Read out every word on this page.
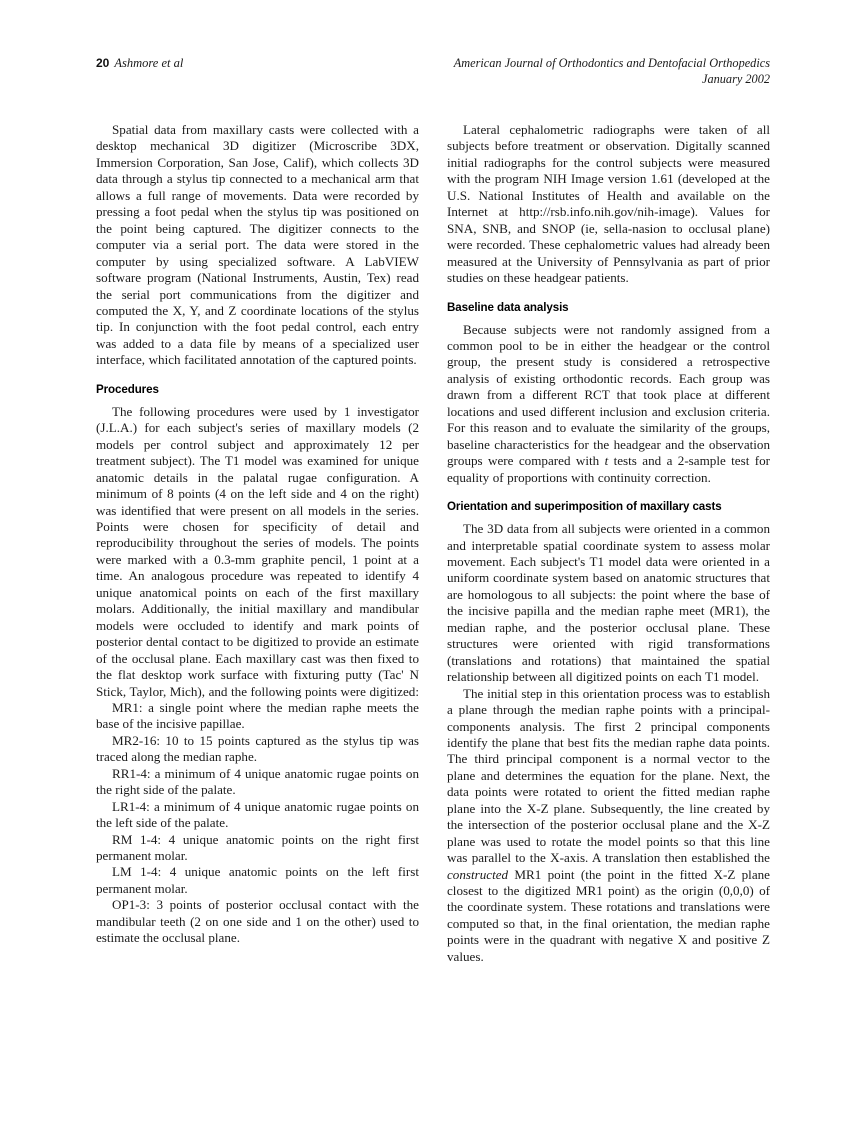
20 Ashmore et al	American Journal of Orthodontics and Dentofacial Orthopedics
January 2002

Spatial data from maxillary casts were collected with a desktop mechanical 3D digitizer (Microscribe 3DX, Immersion Corporation, San Jose, Calif), which collects 3D data through a stylus tip connected to a mechanical arm that allows a full range of movements. Data were recorded by pressing a foot pedal when the stylus tip was positioned on the point being captured. The digitizer connects to the computer via a serial port. The data were stored in the computer by using specialized software. A LabVIEW software program (National Instruments, Austin, Tex) read the serial port communications from the digitizer and computed the X, Y, and Z coordinate locations of the stylus tip. In conjunction with the foot pedal control, each entry was added to a data file by means of a specialized user interface, which facilitated annotation of the captured points.

Procedures

The following procedures were used by 1 investigator (J.L.A.) for each subject's series of maxillary models (2 models per control subject and approximately 12 per treatment subject). The T1 model was examined for unique anatomic details in the palatal rugae configuration. A minimum of 8 points (4 on the left side and 4 on the right) was identified that were present on all models in the series. Points were chosen for specificity of detail and reproducibility throughout the series of models. The points were marked with a 0.3-mm graphite pencil, 1 point at a time. An analogous procedure was repeated to identify 4 unique anatomical points on each of the first maxillary molars. Additionally, the initial maxillary and mandibular models were occluded to identify and mark points of posterior dental contact to be digitized to provide an estimate of the occlusal plane. Each maxillary cast was then fixed to the flat desktop work surface with fixturing putty (Tac' N Stick, Taylor, Mich), and the following points were digitized:

MR1: a single point where the median raphe meets the base of the incisive papillae.

MR2-16: 10 to 15 points captured as the stylus tip was traced along the median raphe.

RR1-4: a minimum of 4 unique anatomic rugae points on the right side of the palate.

LR1-4: a minimum of 4 unique anatomic rugae points on the left side of the palate.

RM 1-4: 4 unique anatomic points on the right first permanent molar.

LM 1-4: 4 unique anatomic points on the left first permanent molar.

OP1-3: 3 points of posterior occlusal contact with the mandibular teeth (2 on one side and 1 on the other) used to estimate the occlusal plane.

Lateral cephalometric radiographs were taken of all subjects before treatment or observation. Digitally scanned initial radiographs for the control subjects were measured with the program NIH Image version 1.61 (developed at the U.S. National Institutes of Health and available on the Internet at http://rsb.info.nih.gov/nih-image). Values for SNA, SNB, and SNOP (ie, sella-nasion to occlusal plane) were recorded. These cephalometric values had already been measured at the University of Pennsylvania as part of prior studies on these headgear patients.

Baseline data analysis

Because subjects were not randomly assigned from a common pool to be in either the headgear or the control group, the present study is considered a retrospective analysis of existing orthodontic records. Each group was drawn from a different RCT that took place at different locations and used different inclusion and exclusion criteria. For this reason and to evaluate the similarity of the groups, baseline characteristics for the headgear and the observation groups were compared with t tests and a 2-sample test for equality of proportions with continuity correction.

Orientation and superimposition of maxillary casts

The 3D data from all subjects were oriented in a common and interpretable spatial coordinate system to assess molar movement. Each subject's T1 model data were oriented in a uniform coordinate system based on anatomic structures that are homologous to all subjects: the point where the base of the incisive papilla and the median raphe meet (MR1), the median raphe, and the posterior occlusal plane. These structures were oriented with rigid transformations (translations and rotations) that maintained the spatial relationship between all digitized points on each T1 model.

The initial step in this orientation process was to establish a plane through the median raphe points with a principal-components analysis. The first 2 principal components identify the plane that best fits the median raphe data points. The third principal component is a normal vector to the plane and determines the equation for the plane. Next, the data points were rotated to orient the fitted median raphe plane into the X-Z plane. Subsequently, the line created by the intersection of the posterior occlusal plane and the X-Z plane was used to rotate the model points so that this line was parallel to the X-axis. A translation then established the constructed MR1 point (the point in the fitted X-Z plane closest to the digitized MR1 point) as the origin (0,0,0) of the coordinate system. These rotations and translations were computed so that, in the final orientation, the median raphe points were in the quadrant with negative X and positive Z values.
